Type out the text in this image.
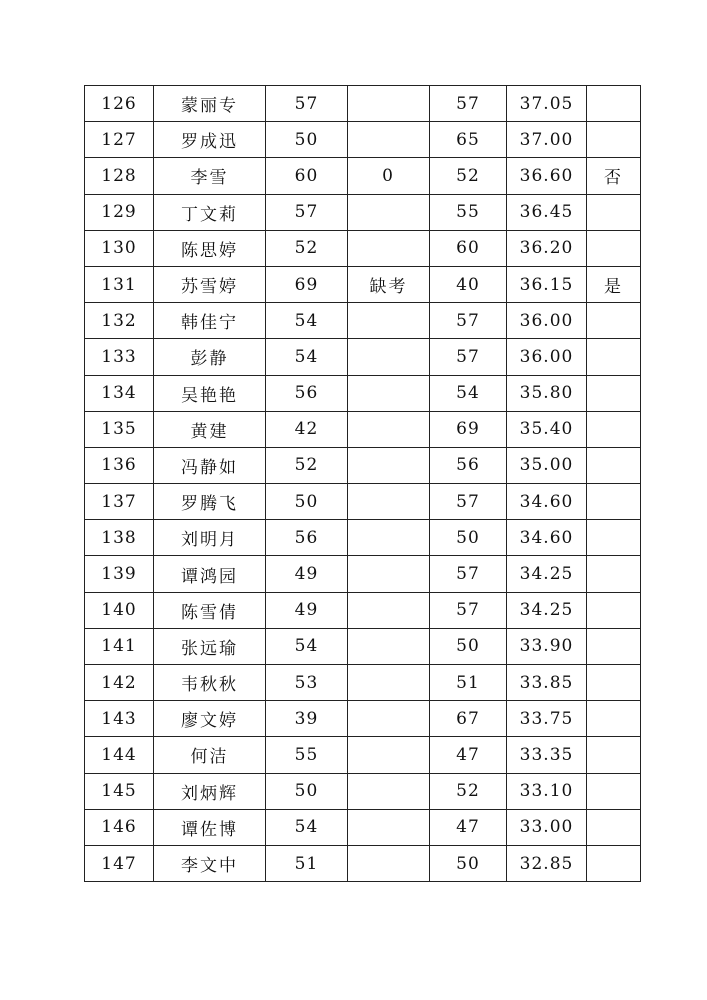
126	蒙丽专	57		57	37.05	
127	罗成迅	50		65	37.00	
128	李雪	60	0	52	36.60	否
129	丁文莉	57		55	36.45	
130	陈思婷	52		60	36.20	
131	苏雪婷	69	缺考	40	36.15	是
132	韩佳宁	54		57	36.00	
133	彭静	54		57	36.00	
134	吴艳艳	56		54	35.80	
135	黄建	42		69	35.40	
136	冯静如	52		56	35.00	
137	罗腾飞	50		57	34.60	
138	刘明月	56		50	34.60	
139	谭鸿园	49		57	34.25	
140	陈雪倩	49		57	34.25	
141	张远瑜	54		50	33.90	
142	韦秋秋	53		51	33.85	
143	廖文婷	39		67	33.75	
144	何洁	55		47	33.35	
145	刘炳辉	50		52	33.10	
146	谭佐博	54		47	33.00	
147	李文中	51		50	32.85	
